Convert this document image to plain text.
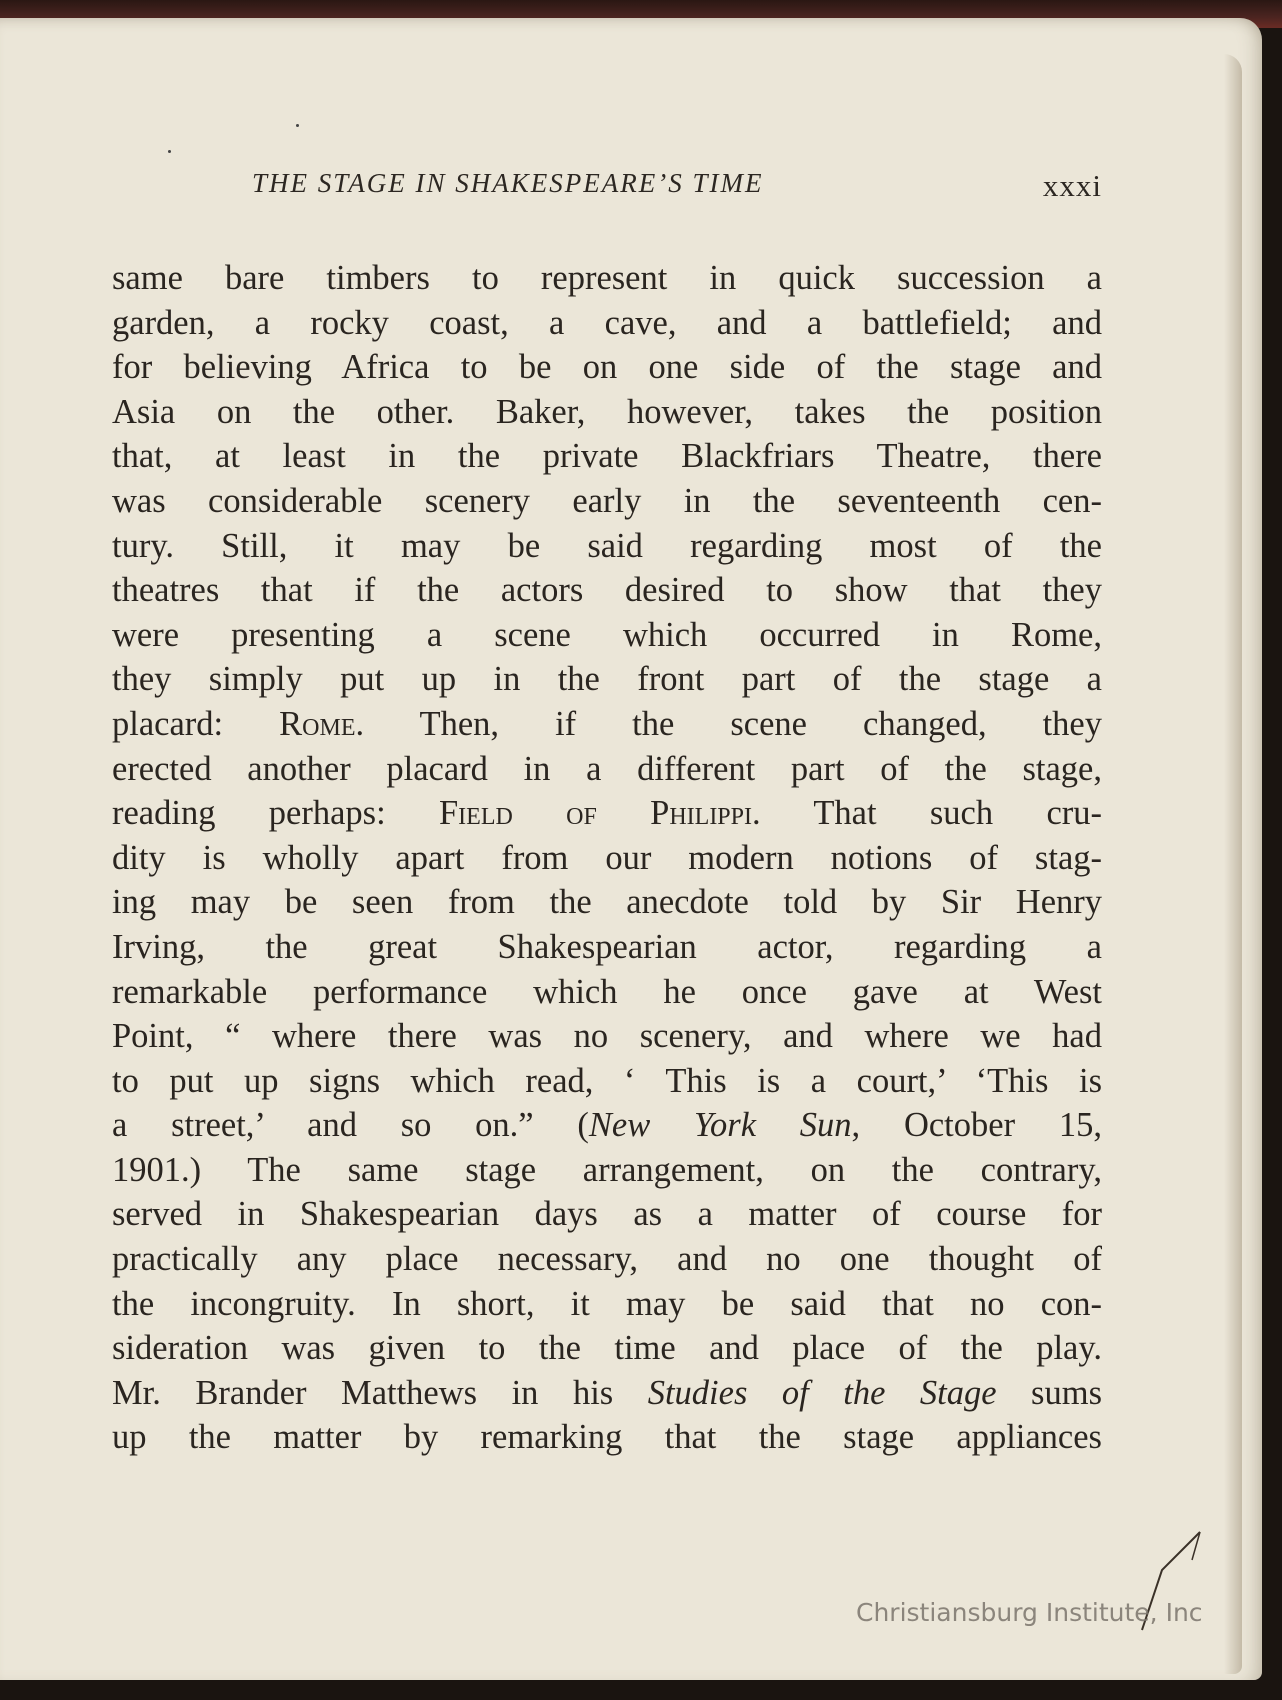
THE STAGE IN SHAKESPEARE’S TIME	xxxi
same bare timbers to represent in quick succession a
garden, a rocky coast, a cave, and a battlefield; and
for believing Africa to be on one side of the stage and
Asia on the other. Baker, however, takes the position
that, at least in the private Blackfriars Theatre, there
was considerable scenery early in the seventeenth cen-
tury. Still, it may be said regarding most of the
theatres that if the actors desired to show that they
were presenting a scene which occurred in Rome,
they simply put up in the front part of the stage a
placard: Rome. Then, if the scene changed, they
erected another placard in a different part of the stage,
reading perhaps: Field of Philippi. That such cru-
dity is wholly apart from our modern notions of stag-
ing may be seen from the anecdote told by Sir Henry
Irving, the great Shakespearian actor, regarding a
remarkable performance which he once gave at West
Point, “ where there was no scenery, and where we had
to put up signs which read, ‘ This is a court,’ ‘This is
a street,’ and so on.” (New York Sun, October 15,
1901.) The same stage arrangement, on the contrary,
served in Shakespearian days as a matter of course for
practically any place necessary, and no one thought of
the incongruity. In short, it may be said that no con-
sideration was given to the time and place of the play.
Mr. Brander Matthews in his Studies of the Stage sums
up the matter by remarking that the stage appliances
Christiansburg Institute, Inc
